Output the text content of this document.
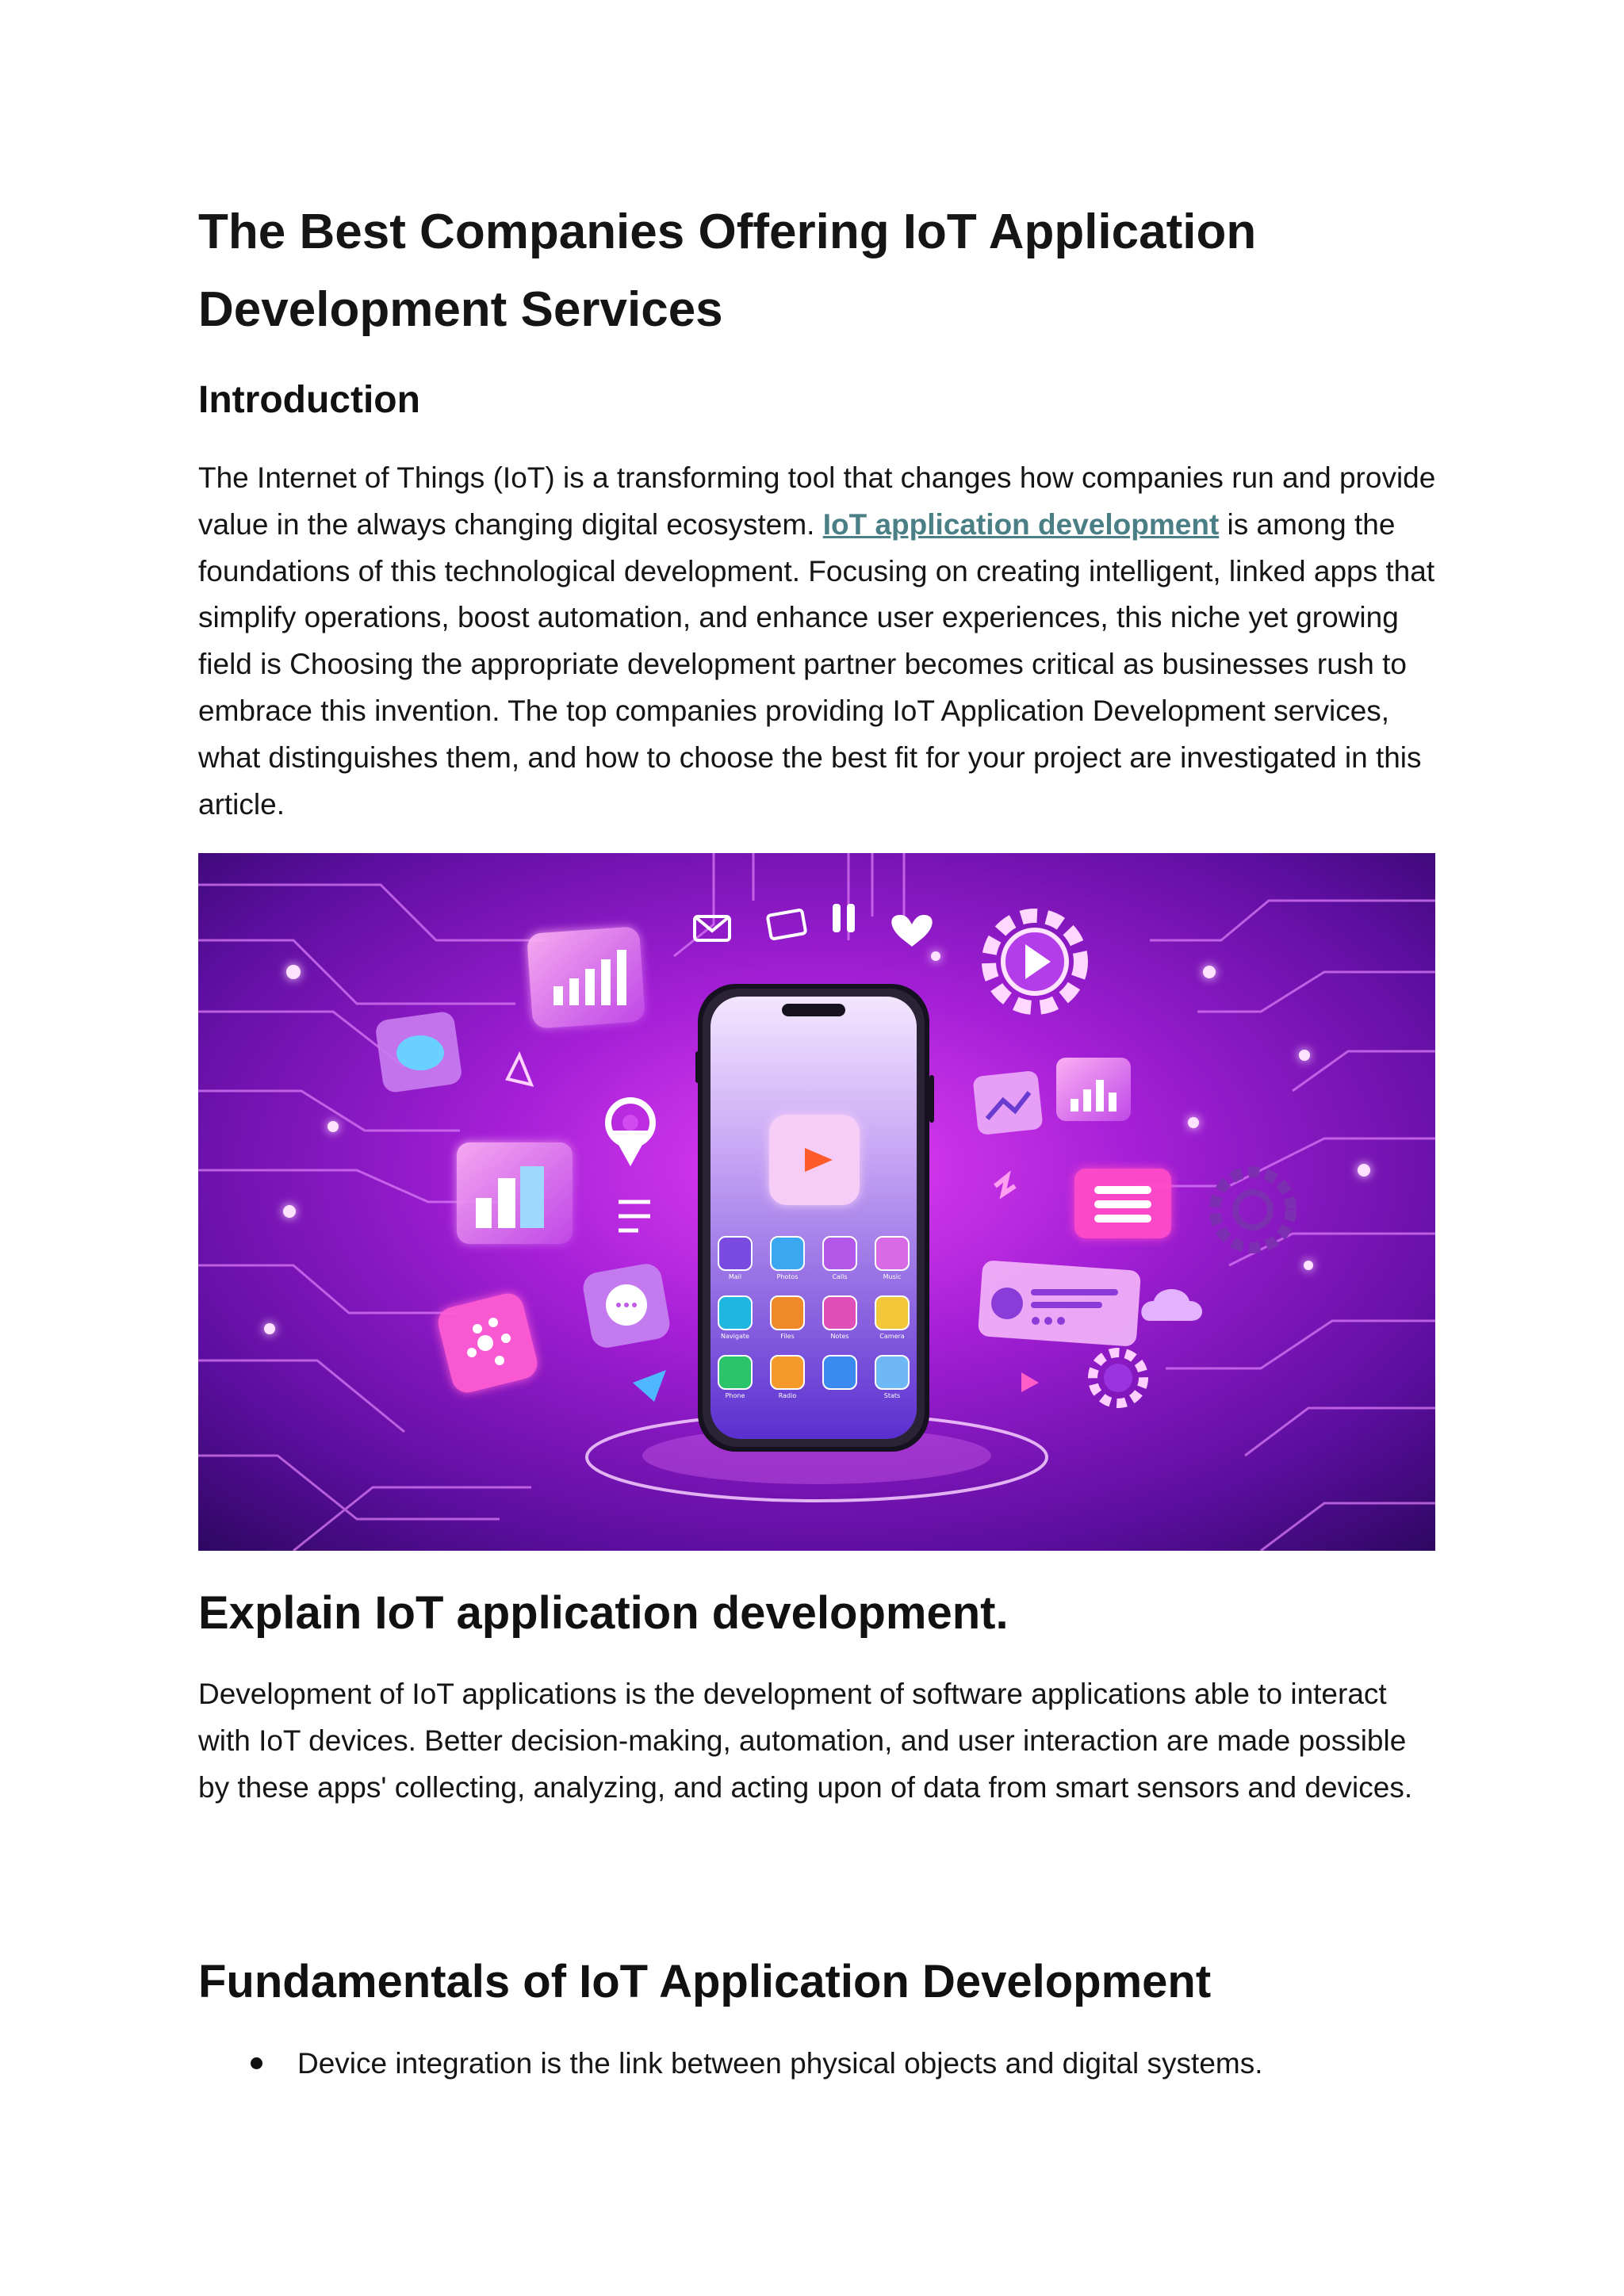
The Best Companies Offering IoT Application Development Services
Introduction

The Internet of Things (IoT) is a transforming tool that changes how companies run and provide value in the always changing digital ecosystem. IoT application development is among the foundations of this technological development. Focusing on creating intelligent, linked apps that simplify operations, boost automation, and enhance user experiences, this niche yet growing field is Choosing the appropriate development partner becomes critical as businesses rush to embrace this invention. The top companies providing IoT Application Development services, what distinguishes them, and how to choose the best fit for your project are investigated in this article.

Mail	Photos	Calls	Music
Navigate	Files	Notes	Camera
Phone	Radio	Stats
Explain IoT application development.

Development of IoT applications is the development of software applications able to interact with IoT devices. Better decision-making, automation, and user interaction are made possible by these apps' collecting, analyzing, and acting upon of data from smart sensors and devices.

Fundamentals of IoT Application Development
Device integration is the link between physical objects and digital systems.
